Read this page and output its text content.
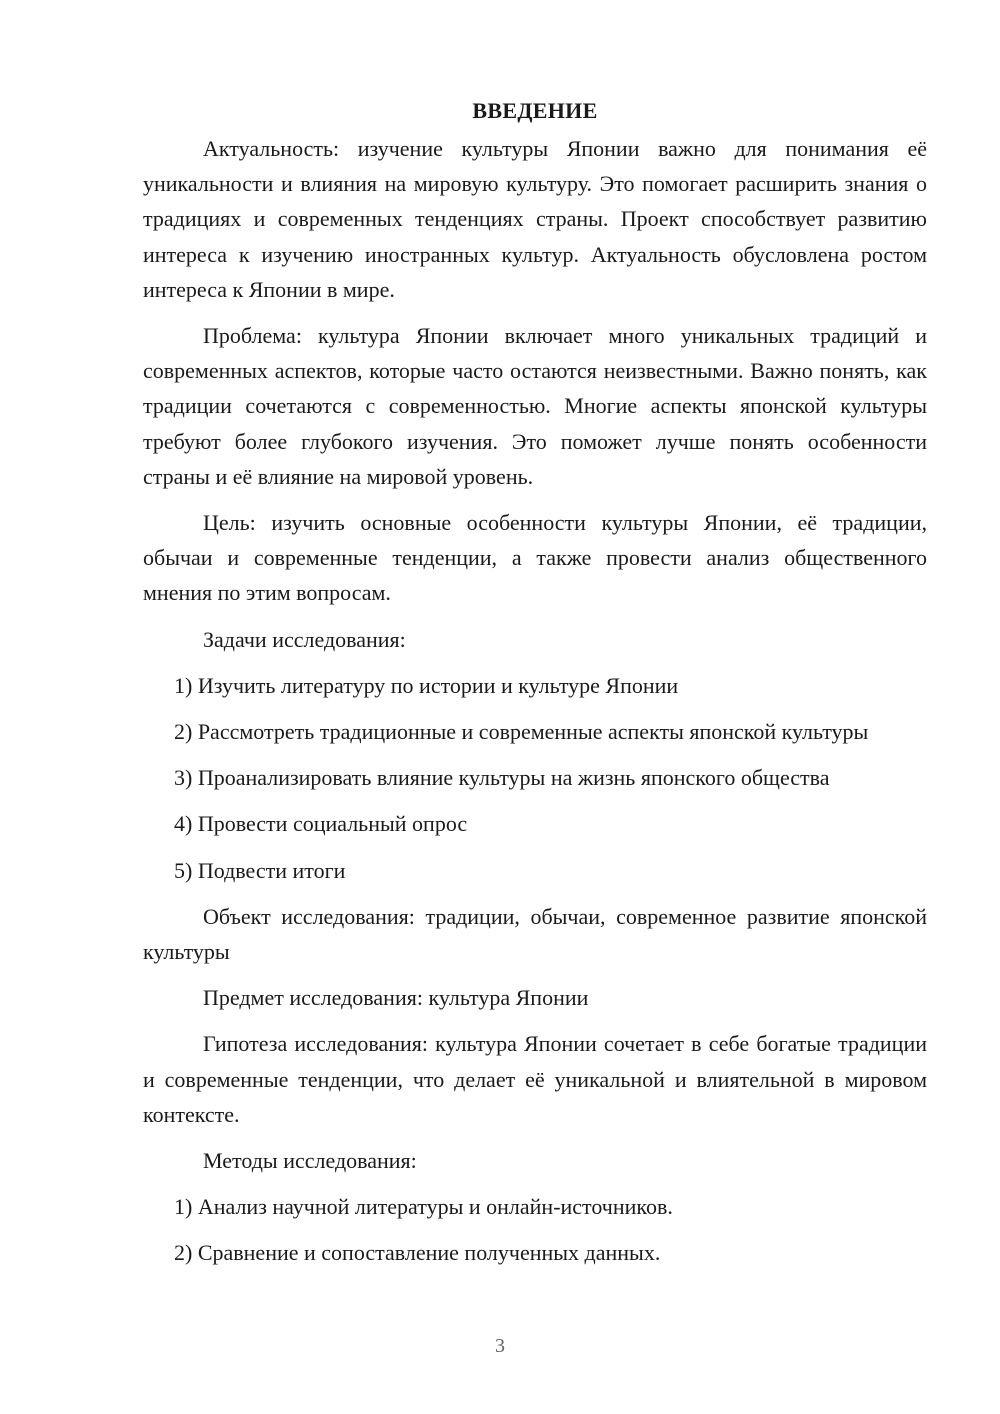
ВВЕДЕНИЕ
Актуальность: изучение культуры Японии важно для понимания её уникальности и влияния на мировую культуру. Это помогает расширить знания о традициях и современных тенденциях страны. Проект способствует развитию интереса к изучению иностранных культур. Актуальность обусловлена ростом интереса к Японии в мире.
Проблема: культура Японии включает много уникальных традиций и современных аспектов, которые часто остаются неизвестными. Важно понять, как традиции сочетаются с современностью. Многие аспекты японской культуры требуют более глубокого изучения. Это поможет лучше понять особенности страны и её влияние на мировой уровень.
Цель: изучить основные особенности культуры Японии, её традиции, обычаи и современные тенденции, а также провести анализ общественного мнения по этим вопросам.
Задачи исследования:
1) Изучить литературу по истории и культуре Японии
2) Рассмотреть традиционные и современные аспекты японской культуры
3) Проанализировать влияние культуры на жизнь японского общества
4) Провести социальный опрос
5) Подвести итоги
Объект исследования: традиции, обычаи, современное развитие японской культуры
Предмет исследования: культура Японии
Гипотеза исследования: культура Японии сочетает в себе богатые традиции и современные тенденции, что делает её уникальной и влиятельной в мировом контексте.
Методы исследования:
1) Анализ научной литературы и онлайн-источников.
2) Сравнение и сопоставление полученных данных.
3
